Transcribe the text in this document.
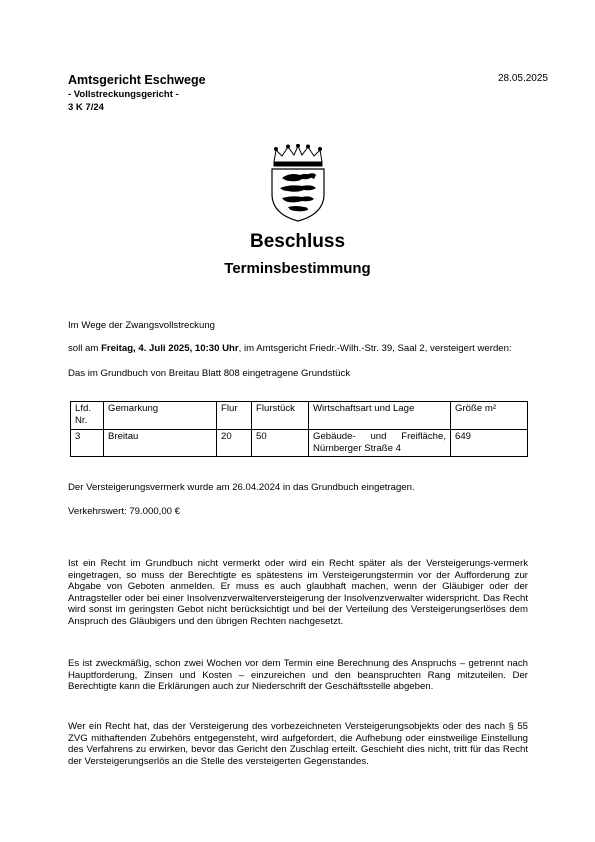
Amtsgericht Eschwege
- Vollstreckungsgericht -
3 K 7/24
28.05.2025
Beschluss
Terminsbestimmung
Im Wege der Zwangsvollstreckung
soll am Freitag, 4. Juli 2025, 10:30 Uhr, im Amtsgericht Friedr.-Wilh.-Str. 39, Saal 2, versteigert werden:
Das im Grundbuch von Breitau Blatt 808 eingetragene Grundstück
Lfd. Nr.	Gemarkung	Flur	Flurstück	Wirtschaftsart und Lage	Größe m²
3	Breitau	20	50	Gebäude- und Freifläche, Nürnberger Straße 4	649
Der Versteigerungsvermerk wurde am 26.04.2024 in das Grundbuch eingetragen.
Verkehrswert: 79.000,00 €
Ist ein Recht im Grundbuch nicht vermerkt oder wird ein Recht später als der Versteigerungs-vermerk eingetragen, so muss der Berechtigte es spätestens im Versteigerungstermin vor der Aufforderung zur Abgabe von Geboten anmelden. Er muss es auch glaubhaft machen, wenn der Gläubiger oder der Antragsteller oder bei einer Insolvenzverwalterversteigerung der Insolvenzverwalter widerspricht. Das Recht wird sonst im geringsten Gebot nicht berücksichtigt und bei der Verteilung des Versteigerungserlöses dem Anspruch des Gläubigers und den übrigen Rechten nachgesetzt.
Es ist zweckmäßig, schon zwei Wochen vor dem Termin eine Berechnung des Anspruchs – getrennt nach Hauptforderung, Zinsen und Kosten – einzureichen und den beanspruchten Rang mitzuteilen. Der Berechtigte kann die Erklärungen auch zur Niederschrift der Geschäftsstelle abgeben.
Wer ein Recht hat, das der Versteigerung des vorbezeichneten Versteigerungsobjekts oder des nach § 55 ZVG mithaftenden Zubehörs entgegensteht, wird aufgefordert, die Aufhebung oder einstweilige Einstellung des Verfahrens zu erwirken, bevor das Gericht den Zuschlag erteilt. Geschieht dies nicht, tritt für das Recht der Versteigerungserlös an die Stelle des versteigerten Gegenstandes.
